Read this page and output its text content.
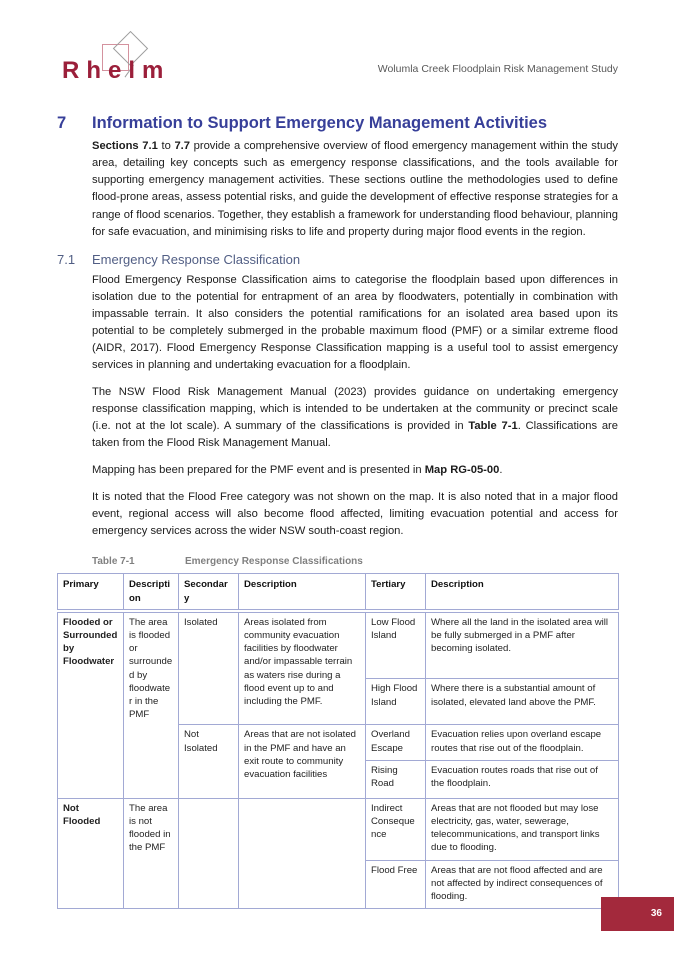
Rhelm	Wolumla Creek Floodplain Risk Management Study
7	Information to Support Emergency Management Activities

Sections 7.1 to 7.7 provide a comprehensive overview of flood emergency management within the study area, detailing key concepts such as emergency response classifications, and the tools available for supporting emergency management activities. These sections outline the methodologies used to define flood-prone areas, assess potential risks, and guide the development of effective response strategies for a range of flood scenarios. Together, they establish a framework for understanding flood behaviour, planning for safe evacuation, and minimising risks to life and property during major flood events in the region.

7.1	Emergency Response Classification

Flood Emergency Response Classification aims to categorise the floodplain based upon differences in isolation due to the potential for entrapment of an area by floodwaters, potentially in combination with impassable terrain. It also considers the potential ramifications for an isolated area based upon its potential to be completely submerged in the probable maximum flood (PMF) or a similar extreme flood (AIDR, 2017). Flood Emergency Response Classification mapping is a useful tool to assist emergency services in planning and undertaking evacuation for a floodplain.

The NSW Flood Risk Management Manual (2023) provides guidance on undertaking emergency response classification mapping, which is intended to be undertaken at the community or precinct scale (i.e. not at the lot scale). A summary of the classifications is provided in Table 7-1. Classifications are taken from the Flood Risk Management Manual.

Mapping has been prepared for the PMF event and is presented in Map RG-05-00.

It is noted that the Flood Free category was not shown on the map. It is also noted that in a major flood event, regional access will also become flood affected, limiting evacuation potential and access for emergency services across the wider NSW south-coast region.

Table 7-1	Emergency Response Classifications
Primary	Description	Secondary	Description	Tertiary	Description
Flooded or Surrounded by Floodwater	The area is flooded or surrounded by floodwater in the PMF	Isolated	Areas isolated from community evacuation facilities by floodwater and/or impassable terrain as waters rise during a flood event up to and including the PMF.	Low Flood Island	Where all the land in the isolated area will be fully submerged in a PMF after becoming isolated.
				High Flood Island	Where there is a substantial amount of isolated, elevated land above the PMF.
		Not Isolated	Areas that are not isolated in the PMF and have an exit route to community evacuation facilities	Overland Escape	Evacuation relies upon overland escape routes that rise out of the floodplain.
				Rising Road	Evacuation routes roads that rise out of the floodplain.
Not Flooded	The area is not flooded in the PMF			Indirect Consequence	Areas that are not flooded but may lose electricity, gas, water, sewerage, telecommunications, and transport links due to flooding.
				Flood Free	Areas that are not flood affected and are not affected by indirect consequences of flooding.
36
